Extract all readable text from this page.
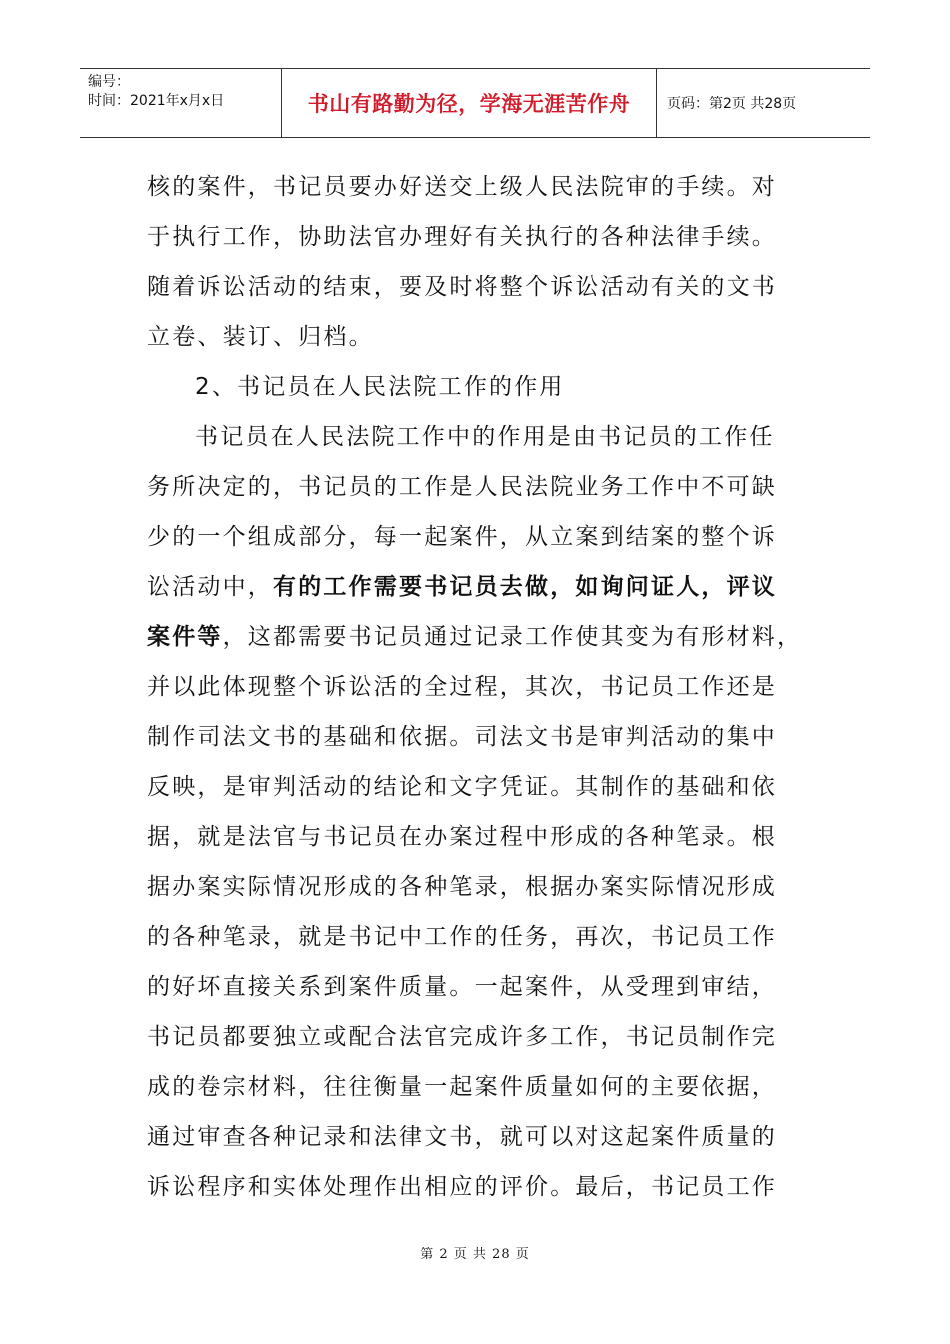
编号：
时间：2021年x月x日	书山有路勤为径，学海无涯苦作舟	页码：第2页 共28页
核的案件，书记员要办好送交上级人民法院审的手续。对
于执行工作，协助法官办理好有关执行的各种法律手续。
随着诉讼活动的结束，要及时将整个诉讼活动有关的文书
立卷、装订、归档。
2、书记员在人民法院工作的作用
书记员在人民法院工作中的作用是由书记员的工作任
务所决定的，书记员的工作是人民法院业务工作中不可缺
少的一个组成部分，每一起案件，从立案到结案的整个诉
讼活动中，有的工作需要书记员去做，如询问证人，评议
案件等，这都需要书记员通过记录工作使其变为有形材料，
并以此体现整个诉讼活的全过程，其次，书记员工作还是
制作司法文书的基础和依据。司法文书是审判活动的集中
反映，是审判活动的结论和文字凭证。其制作的基础和依
据，就是法官与书记员在办案过程中形成的各种笔录。根
据办案实际情况形成的各种笔录，根据办案实际情况形成
的各种笔录，就是书记中工作的任务，再次，书记员工作
的好坏直接关系到案件质量。一起案件，从受理到审结，
书记员都要独立或配合法官完成许多工作，书记员制作完
成的卷宗材料，往往衡量一起案件质量如何的主要依据，
通过审查各种记录和法律文书，就可以对这起案件质量的
诉讼程序和实体处理作出相应的评价。最后，书记员工作
第 2 页 共 28 页
